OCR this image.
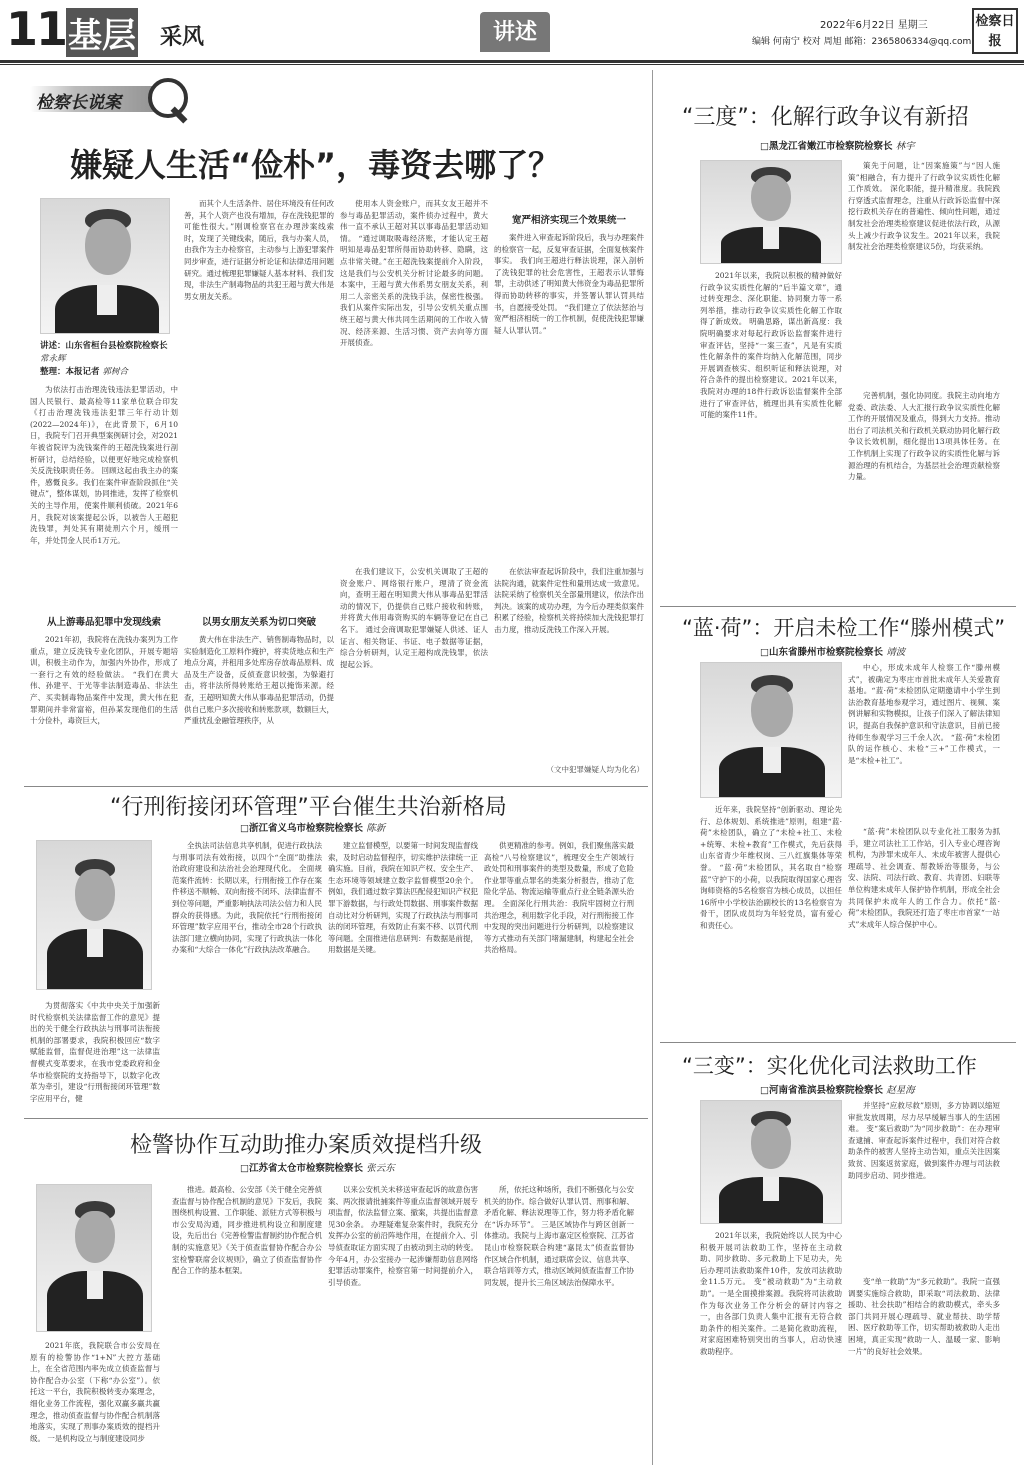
11 基层 采风	讲述	2022年6月22日 星期三
编辑 何南宁 校对 周旭 邮箱：2365806334@qq.com
检察日报
检察长说案
嫌疑人生活“俭朴”，毒资去哪了？
讲述：山东省桓台县检察院检察长 常永辉
整理：本报记者 郭树合
为依法打击治理洗钱违法犯罪活动，中国人民银行、最高检等11家单位联合印发《打击治理洗钱违法犯罪三年行动计划(2022—2024年)》，在此背景下，6月10日，我院专门召开典型案例研讨会，对2021年被省院评为洗钱案件的王超洗钱案进行剖析研讨，总结经验，以便更好地完成检察机关反洗钱职责任务。 回顾这起由我主办的案件，感慨良多。我们在案件审查阶段抓住“关键点”，整体谋划，协同推进，发挥了检察机关的主导作用，使案件顺利侦破。2021年6月，我院对该案提起公诉，以被告人王超犯洗钱罪，判处其有期徒刑六个月，缓刑一年，并处罚金人民币1万元。
从上游毒品犯罪中发现线索
2021年初，我院将在洗钱办案列为工作重点，建立反洗钱专业化团队，开展专题培训，积极主动作为，加强内外协作，形成了一套行之有效的经验做法。 “我们在黄大伟、孙建平、于光等非法制造毒品、非法生产、买卖制毒物品案件中发现，黄大伟在犯罪期间并非常富裕，但孙某发现他们的生活十分俭朴，毒资巨大，
而其个人生活条件、居住环境没有任何改善，其个人资产也没有增加，存在洗钱犯罪的可能性很大。”刚调检察官在办理涉案线索时，发现了关键线索，随后，我与办案人员，由我作为主办检察官，主动参与上游犯罪案件同步审查，进行证据分析论证和法律适用问题研究。通过梳理犯罪嫌疑人基本材料、我们发现，非法生产制毒物品的共犯王超与黄大伟是男女朋友关系。
以男女朋友关系为切口突破
黄大伟在非法生产、销售制毒物品时，以实验制造化工原料作掩护，将卖货地点和生产地点分离，并租用多处库房存放毒品原料、成品及生产设备，反侦查意识较强，为躲避打击，将非法所得转账给王超以掩饰来源。经查，王超明知黄大伟从事毒品犯罪活动，仍提供自己账户多次接收和转账款项，数额巨大，严重扰乱金融管理秩序，从
使用本人资金账户，而其女友王超并不参与毒品犯罪活动，案件侦办过程中，黄大伟一直不承认王超对其以事毒品犯罪活动知情。 “通过调取吸毒经济账，才能认定王超明知是毒品犯罪所得而协助转移、隐瞒，这点非常关键。”在王超洗钱案提前介入阶段，这是我们与公安机关分析讨论最多的问题。 本案中，王超与黄大伟系男女朋友关系，利用二人亲密关系的洗钱手法，保密性极强。我们从案件实际出发，引导公安机关重点围绕王超与黄大伟共同生活期间的工作收入情况、经济来源、生活习惯、资产去向等方面开展侦查。
在我们建议下，公安机关调取了王超的资金账户、网络银行账户，理清了资金流向，查明王超在明知黄大伟从事毒品犯罪活动的情况下，仍提供自己账户接收和转账，并将黄大伟用毒资购买的车辆等登记在自己名下。 通过会商调取犯罪嫌疑人供述、证人证言、相关物证、书证、电子数据等证据，综合分析研判，认定王超构成洗钱罪，依法提起公诉。
宽严相济实现三个效果统一
案件进入审查起诉阶段后，我与办理案件的检察官一起，反复审查证据，全面复核案件事实。 我们向王超进行释法说理，深入剖析了洗钱犯罪的社会危害性，王超表示认罪悔罪，主动供述了明知黄大伟资金为毒品犯罪所得而协助转移的事实，并签署认罪认罚具结书，自愿接受处罚。 “我们建立了依法惩治与宽严相济相统一的工作机制，促使洗钱犯罪嫌疑人认罪认罚。”
在依法审查起诉阶段中，我们注重加强与法院沟通，就案件定性和量刑达成一致意见。法院采纳了检察机关全部量刑建议，依法作出判决。该案的成功办理，为今后办理类似案件积累了经验，检察机关将持续加大洗钱犯罪打击力度，推动反洗钱工作深入开展。
（文中犯罪嫌疑人均为化名）
“行刑衔接闭环管理”平台催生共治新格局
□浙江省义乌市检察院检察长 陈新
为贯彻落实《中共中央关于加强新时代检察机关法律监督工作的意见》提出的关于健全行政执法与刑事司法衔接机制的部署要求，我院积极回应“数字赋能监督，监督促进治理”这一法律监督模式变革要求，在我市党委政府和金华市检察院的支持指导下，以数字化改革为牵引，建设“行刑衔接闭环管理”数字应用平台，健
全执法司法信息共享机制，促进行政执法与刑事司法有效衔接，以四个“全面”助推法治政府建设和法治社会治理现代化。 全面规范案件流转：长期以来，行刑衔接工作存在案件移送不顺畅、双向衔接不闭环、法律监督不到位等问题，严重影响执法司法公信力和人民群众的获得感。为此，我院依托“行刑衔接闭环管理”数字应用平台，推动全市28个行政执法部门建立横向协同，实现了行政执法一体化办案和“大综合一体化”行政执法改革融合。
建立监督模型，以要第一时间发现监督线索，及时启动监督程序，切实维护法律统一正确实施。目前，我院在知识产权、安全生产、生态环境等领域建立数字监督模型20余个。例如，我们通过数字算法匹配侵犯知识产权犯罪下游数据，与行政处罚数据、刑事案件数据自动比对分析研判，实现了行政执法与刑事司法的闭环管理，有效防止有案不移、以罚代刑等问题。全面推进信息研判：有数据是前提，用数据是关键。
供更精准的参考。例如，我们聚焦落实最高检“八号检察建议”，梳理安全生产领域行政处罚和刑事案件的类型及数量，形成了危险作业罪等重点罪名的类案分析报告，推动了危险化学品、物流运输等重点行业全链条源头治理。 全面深化行刑共治：我院牢固树立行刑共治理念，利用数字化手段，对行刑衔接工作中发现的突出问题进行分析研判，以检察建议等方式推动有关部门堵漏建制，构建起全社会共治格局。
检警协作互动助推办案质效提档升级
□江苏省太仓市检察院检察长 张云东
2021年底，我院联合市公安局在原有的检警协作“1+N”大控方基础上，在全省范围内率先成立侦查监督与协作配合办公室（下称“办公室”）。依托这一平台，我院积极转变办案理念，细化业务工作流程，强化双赢多赢共赢理念，推动侦查监督与协作配合机制落地落实，实现了刑事办案质效的提档升级。 一是机构设立与制度建设同步
推进。最高检、公安部《关于健全完善侦查监督与协作配合机制的意见》下发后，我院围绕机构设置、工作职能、派驻方式等积极与市公安局沟通，同步推进机构设立和制度建设，先后出台《完善检警监督制约协作配合机制的实施意见》《关于侦查监督协作配合办公室检警联席会议规则》，确立了侦查监督协作配合工作的基本框架。
以来公安机关未移送审查起诉的故意伤害案、两次报请批捕案件等重点监督领域开展专项监督，依法监督立案、撤案，共提出监督意见30余条。 办理疑难复杂案件时，我院充分发挥办公室的前沿阵地作用，在提前介入、引导侦查取证方面实现了由被动到主动的转变。今年4月，办公室接办一起涉嫌帮助信息网络犯罪活动罪案件，检察官第一时间提前介入，引导侦查。
所，依托这种场所，我们不断强化与公安机关的协作。综合做好认罪认罚、刑事和解、矛盾化解、释法说理等工作，努力将矛盾化解在“诉办环节”。 三是区域协作与跨区创新一体推动。我院与上海市嘉定区检察院、江苏省昆山市检察院联合构建“嘉昆太”侦查监督协作区域合作机制，通过联席会议、信息共享、联合培训等方式，推动区域间侦查监督工作协同发展，提升长三角区域法治保障水平。
“三度”：化解行政争议有新招
□黑龙江省嫩江市检察院检察长 林宇
2021年以来，我院以积极的精神做好行政争议实质性化解的“后半篇文章”，通过转变理念、深化职能、协同聚力等一系列举措，推动行政争议实质性化解工作取得了新成效。 明确思路，谋出新高度：我院明确要求对每起行政诉讼监督案件进行审查评估，坚持“一案三查”，凡是有实质性化解条件的案件均纳入化解范围，同步开展调查核实、组织听证和释法说理，对符合条件的提出检察建议。2021年以来，我院对办理的18件行政诉讼监督案件全部进行了审查评估，梳理出具有实质性化解可能的案件11件。
策先于问题，让“因案施策”与“因人施策”相融合，有力提升了行政争议实质性化解工作质效。 深化职能，提升精准度。我院践行穿透式监督理念，注重从行政诉讼监督中深挖行政机关存在的普遍性、倾向性问题，通过制发社会治理类检察建议促进依法行政，从源头上减少行政争议发生。2021年以来，我院制发社会治理类检察建议5份，均获采纳。
完善机制，强化协同度。我院主动向地方党委、政法委、人大汇报行政争议实质性化解工作的开展情况及重点，得到大力支持。推动出台了司法机关和行政机关联动协同化解行政争议长效机制，细化提出13项具体任务。在工作机制上实现了行政争议的实质性化解与诉源治理的有机结合，为基层社会治理贡献检察力量。
“蓝·荷”：开启未检工作“滕州模式”
□山东省滕州市检察院检察长 靖波
近年来，我院坚持“创新驱动、理论先行、总体规划、系统推进”原则，组建“蓝·荷”未检团队，确立了“未检+社工、未检+统筹、未检+教育”工作模式，先后获得山东省青少年维权岗、三八红旗集体等荣誉。 “蓝·荷”未检团队，其名取自“检察蓝”守护下的小荷，以我院取得国家心理咨询师资格的5名检察官为核心成员，以担任16所中小学校法治副校长的13名检察官为骨干，团队成员均为年轻党员，富有爱心和责任心。
中心，形成未成年人检察工作“滕州模式”，被确定为枣庄市首批未成年人关爱教育基地。“蓝·荷”未检团队定期邀请中小学生到法治教育基地参观学习，通过图片、视频、案例讲解和实物模拟，让孩子们深入了解法律知识，提高自我保护意识和守法意识，目前已接待师生参观学习三千余人次。 “蓝·荷”未检团队的运作核心、未检“三+”工作模式，一是“未检+社工”。
“蓝·荷”未检团队以专业化社工服务为抓手，建立司法社工工作站，引入专业心理咨询机构，为涉罪未成年人、未成年被害人提供心理疏导、社会调查、帮教矫治等服务，与公安、法院、司法行政、教育、共青团、妇联等单位构建未成年人保护协作机制，形成全社会共同保护未成年人的工作合力。依托“蓝·荷”未检团队，我院还打造了枣庄市首家“一站式”未成年人综合保护中心。
“三变”：实化优化司法救助工作
□河南省淮滨县检察院检察长 赵星海
2021年以来，我院始终以人民为中心积极开展司法救助工作，坚持在主动救助、同步救助、多元救助上下足功夫，先后办理司法救助案件10件，发放司法救助金11.5万元。 变“被动救助”为“主动救助”。一是全面摸排案源。我院将司法救助作为每次业务工作分析会的研讨内容之一，由各部门负责人集中汇报有无符合救助条件的相关案件。二是简化救助流程，对家庭困难特别突出的当事人，启动快速救助程序。
并坚持“应救尽救”原则，多方协调以缩短审批发放周期，尽力尽早缓解当事人的生活困难。 变“案后救助”为“同步救助”：在办理审查逮捕、审查起诉案件过程中，我们对符合救助条件的被害人坚持主动告知，重点关注因案致贫、因案返贫家庭，做到案件办理与司法救助同步启动、同步推进。
变“单一救助”为“多元救助”。我院一直强调要实施综合救助，即采取“司法救助、法律援助、社会扶助”相结合的救助模式，牵头多部门共同开展心理疏导、就业帮扶、助学帮困、医疗救助等工作，切实帮助被救助人走出困境，真正实现“救助一人、温暖一家、影响一片”的良好社会效果。
